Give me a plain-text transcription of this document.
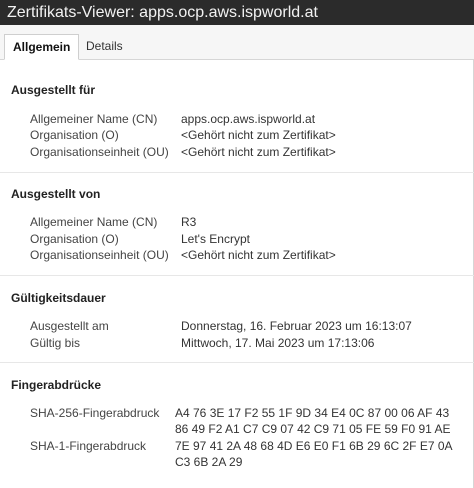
Zertifikats-Viewer: apps.ocp.aws.ispworld.at
Allgemein	Details
Ausgestellt für
Allgemeiner Name (CN) apps.ocp.aws.ispworld.at
Organisation (O)	<Gehört nicht zum Zertifikat>
Organisationseinheit (OU) <Gehört nicht zum Zertifikat>
Ausgestellt von
Allgemeiner Name (CN) R3
Organisation (O)	Let's Encrypt
Organisationseinheit (OU) <Gehört nicht zum Zertifikat>
Gültigkeitsdauer
Ausgestellt am	Donnerstag, 16. Februar 2023 um 16:13:07
Gültig bis	Mittwoch, 17. Mai 2023 um 17:13:06
Fingerabdrücke
SHA-256-Fingerabdruck A4 76 3E 17 F2 55 1F 9D 34 E4 0C 87 00 06 AF 43
86 49 F2 A1 C7 C9 07 42 C9 71 05 FE 59 F0 91 AE
SHA-1-Fingerabdruck 7E 97 41 2A 48 68 4D E6 E0 F1 6B 29 6C 2F E7 0A
C3 6B 2A 29
